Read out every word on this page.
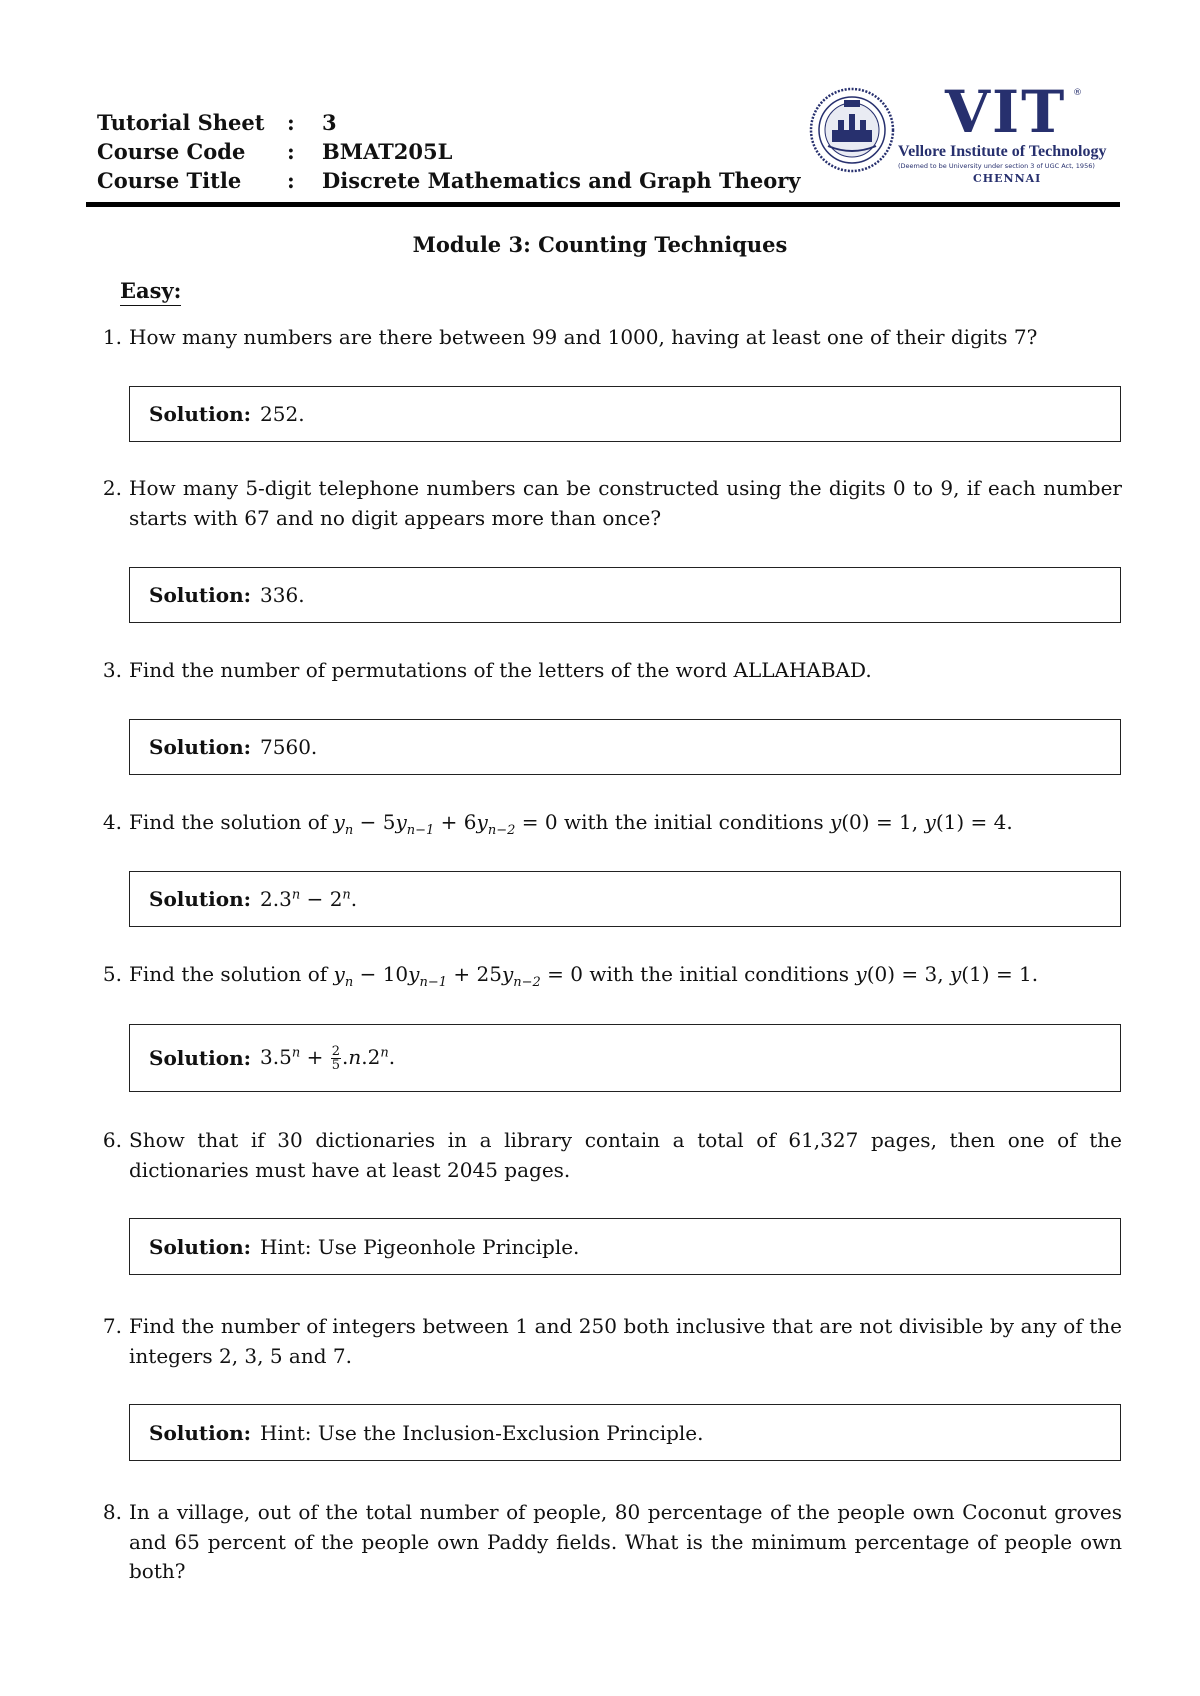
Tutorial Sheet	:	3
Course Code	:	BMAT205L
Course Title	:	Discrete Mathematics and Graph Theory
VIT ®
Vellore Institute of Technology
(Deemed to be University under section 3 of UGC Act, 1956)
CHENNAI
Module 3: Counting Techniques
Easy:
1. How many numbers are there between 99 and 1000, having at least one of their digits 7?
Solution: 252.
2. How many 5-digit telephone numbers can be constructed using the digits 0 to 9, if each number starts with 67 and no digit appears more than once?
Solution: 336.
3. Find the number of permutations of the letters of the word ALLAHABAD.
Solution: 7560.
4. Find the solution of $y_n - 5y_{n-1} + 6y_{n-2} = 0$ with the initial conditions y(0) = 1, y(1) = 4.
Solution: $2.3^n - 2^n$.
5. Find the solution of $y_n - 10y_{n-1} + 25y_{n-2} = 0$ with the initial conditions y(0) = 3, y(1) = 1.
Solution: $3.5^n + \frac{2}{5} .n.2^n$.
6. Show that if 30 dictionaries in a library contain a total of 61,327 pages, then one of the dictionaries must have at least 2045 pages.
Solution: Hint: Use Pigeonhole Principle.
7. Find the number of integers between 1 and 250 both inclusive that are not divisible by any of the integers 2, 3, 5 and 7.
Solution: Hint: Use the Inclusion-Exclusion Principle.
8. In a village, out of the total number of people, 80 percentage of the people own Coconut groves and 65 percent of the people own Paddy fields. What is the minimum percentage of people own both?
